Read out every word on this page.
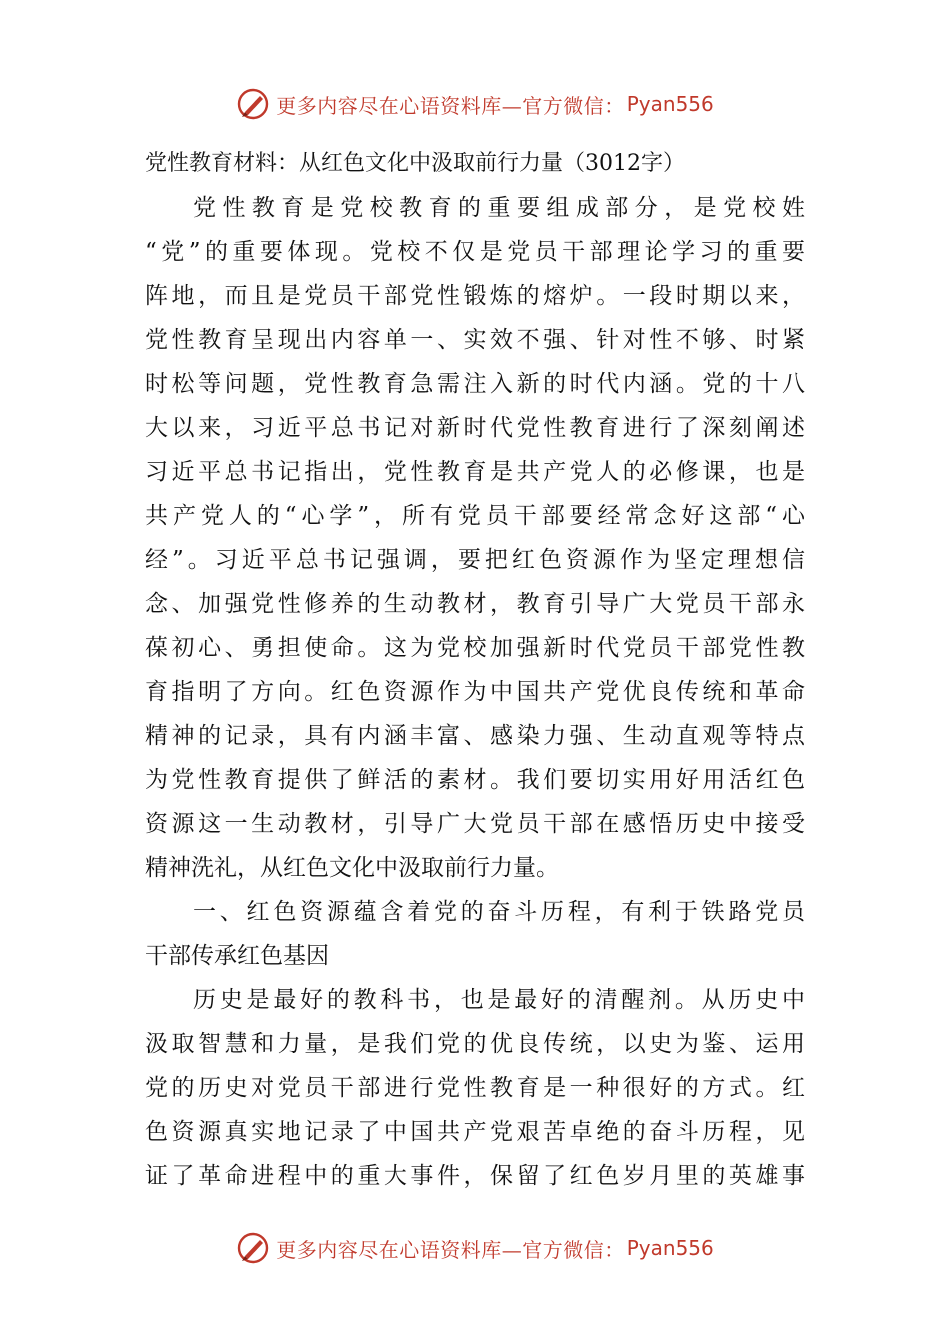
更多内容尽在心语资料库—官方微信： Pyan556
党性教育材料：从红色文化中汲取前行力量（3012字）
党性教育是党校教育的重要组成部分，是党校姓
“党”的重要体现。党校不仅是党员干部理论学习的重要
阵地，而且是党员干部党性锻炼的熔炉。一段时期以来，
党性教育呈现出内容单一、实效不强、针对性不够、时紧
时松等问题，党性教育急需注入新的时代内涵。党的十八
大以来，习近平总书记对新时代党性教育进行了深刻阐述
习近平总书记指出，党性教育是共产党人的必修课，也是
共产党人的“心学”，所有党员干部要经常念好这部“心
经”。习近平总书记强调，要把红色资源作为坚定理想信
念、加强党性修养的生动教材，教育引导广大党员干部永
葆初心、勇担使命。这为党校加强新时代党员干部党性教
育指明了方向。红色资源作为中国共产党优良传统和革命
精神的记录，具有内涵丰富、感染力强、生动直观等特点
为党性教育提供了鲜活的素材。我们要切实用好用活红色
资源这一生动教材，引导广大党员干部在感悟历史中接受
精神洗礼，从红色文化中汲取前行力量。
一、红色资源蕴含着党的奋斗历程，有利于铁路党员
干部传承红色基因
历史是最好的教科书，也是最好的清醒剂。从历史中
汲取智慧和力量，是我们党的优良传统，以史为鉴、运用
党的历史对党员干部进行党性教育是一种很好的方式。红
色资源真实地记录了中国共产党艰苦卓绝的奋斗历程，见
证了革命进程中的重大事件，保留了红色岁月里的英雄事
更多内容尽在心语资料库—官方微信： Pyan556
